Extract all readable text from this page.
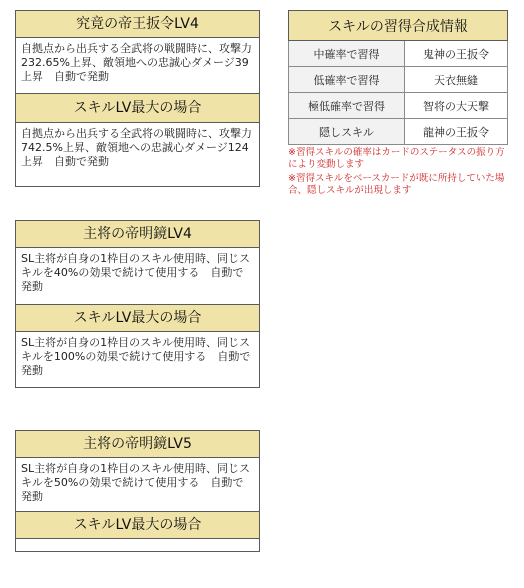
究竟の帝王扳令LV4
自拠点から出兵する全武将の戦闘時に、攻撃力232.65%上昇、敵領地への忠誠心ダメージ39上昇　自動で発動
スキルLV最大の場合
自拠点から出兵する全武将の戦闘時に、攻撃力742.5%上昇、敵領地への忠誠心ダメージ124上昇　自動で発動
主将の帝明鏡LV4
SL主将が自身の1枠目のスキル使用時、同じスキルを40%の効果で続けて使用する　自動で発動
スキルLV最大の場合
SL主将が自身の1枠目のスキル使用時、同じスキルを100%の効果で続けて使用する　自動で発動
主将の帝明鏡LV5
SL主将が自身の1枠目のスキル使用時、同じスキルを50%の効果で続けて使用する　自動で発動
スキルLV最大の場合
スキルの習得合成情報	
中確率で習得	鬼神の王扳令
低確率で習得	天衣無縫
極低確率で習得	智将の大天撃
隠しスキル	龍神の王扳令
※習得スキルの確率はカードのステータスの振り方により変動します
※習得スキルをベースカードが既に所持していた場合、隠しスキルが出現します
